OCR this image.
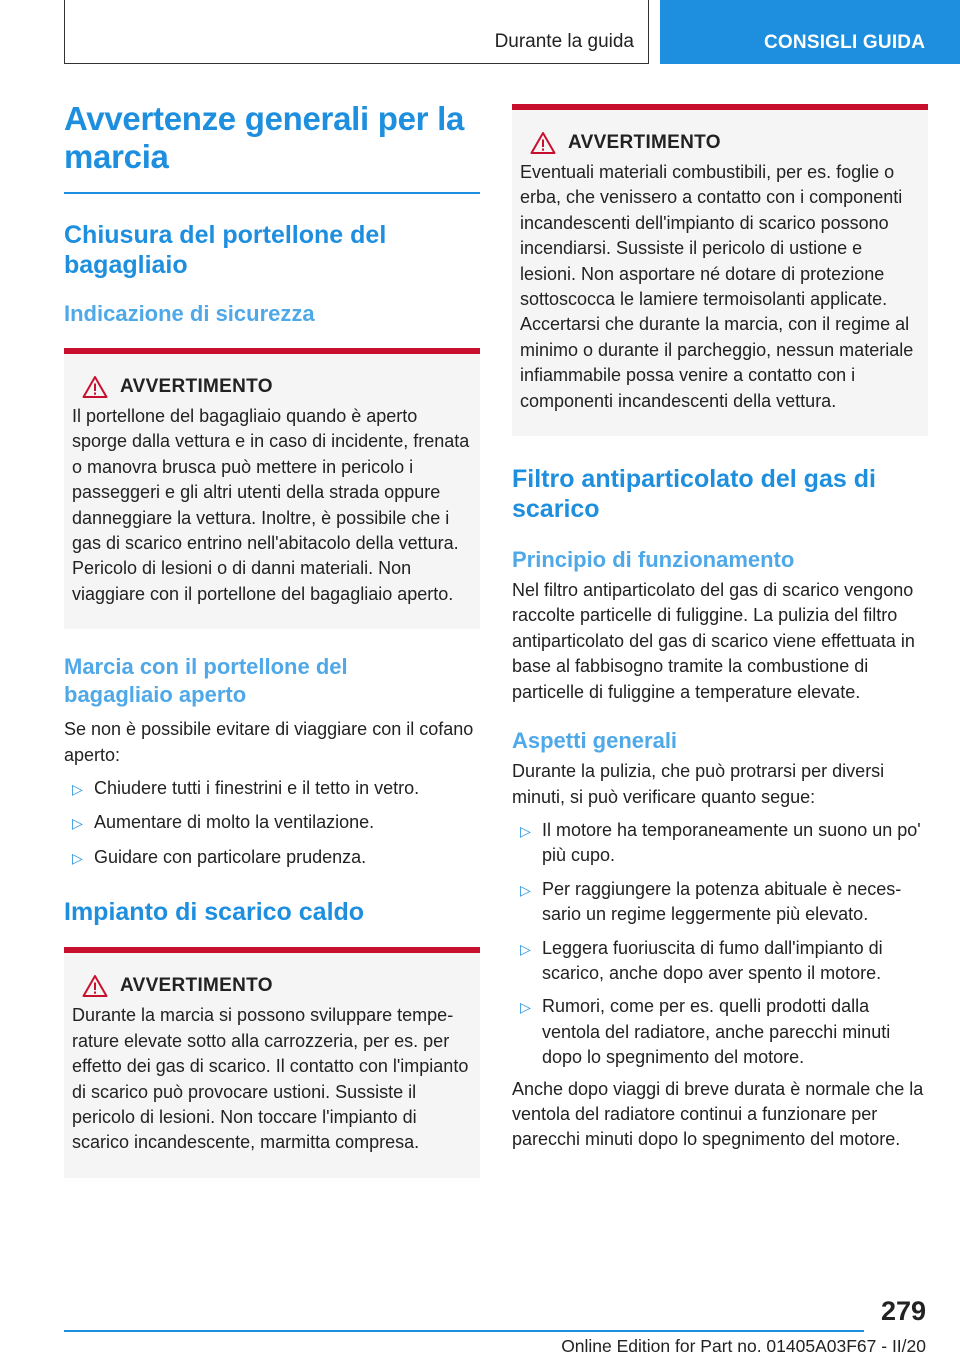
Durante la guida	CONSIGLI GUIDA
Avvertenze generali per la marcia
Chiusura del portellone del bagagliaio
Indicazione di sicurezza
AVVERTIMENTO
Il portellone del bagagliaio quando è aperto sporge dalla vettura e in caso di incidente, frenata o manovra brusca può mettere in pericolo i passeggeri e gli altri utenti della strada oppure danneggiare la vettura. Inoltre, è possibile che i gas di scarico entrino nell'abitacolo della vettura. Pericolo di lesioni o di danni materiali. Non viaggiare con il portellone del bagagliaio aperto.
Marcia con il portellone del bagagliaio aperto
Se non è possibile evitare di viaggiare con il cofano aperto:
▷ Chiudere tutti i finestrini e il tetto in vetro.
▷ Aumentare di molto la ventilazione.
▷ Guidare con particolare prudenza.
Impianto di scarico caldo
AVVERTIMENTO
Durante la marcia si possono sviluppare temperature elevate sotto alla carrozzeria, per es. per effetto dei gas di scarico. Il contatto con l'impianto di scarico può provocare ustioni. Sussiste il pericolo di lesioni. Non toccare l'impianto di scarico incandescente, marmitta compresa.
AVVERTIMENTO
Eventuali materiali combustibili, per es. foglie o erba, che venissero a contatto con i componenti incandescenti dell'impianto di scarico possono incendiarsi. Sussiste il pericolo di ustione e lesioni. Non asportare né dotare di protezione sottoscocca le lamiere termoisolanti applicate. Accertarsi che durante la marcia, con il regime al minimo o durante il parcheggio, nessun materiale infiammabile possa venire a contatto con i componenti incandescenti della vettura.
Filtro antiparticolato del gas di scarico
Principio di funzionamento
Nel filtro antiparticolato del gas di scarico vengono raccolte particelle di fuliggine. La pulizia del filtro antiparticolato del gas di scarico viene effettuata in base al fabbisogno tramite la combustione di particelle di fuliggine a temperature elevate.
Aspetti generali
Durante la pulizia, che può protrarsi per diversi minuti, si può verificare quanto segue:
▷ Il motore ha temporaneamente un suono un po' più cupo.
▷ Per raggiungere la potenza abituale è necessario un regime leggermente più elevato.
▷ Leggera fuoriuscita di fumo dall'impianto di scarico, anche dopo aver spento il motore.
▷ Rumori, come per es. quelli prodotti dalla ventola del radiatore, anche parecchi minuti dopo lo spegnimento del motore.
Anche dopo viaggi di breve durata è normale che la ventola del radiatore continui a funzionare per parecchi minuti dopo lo spegnimento del motore.
279
Online Edition for Part no. 01405A03F67 - II/20
